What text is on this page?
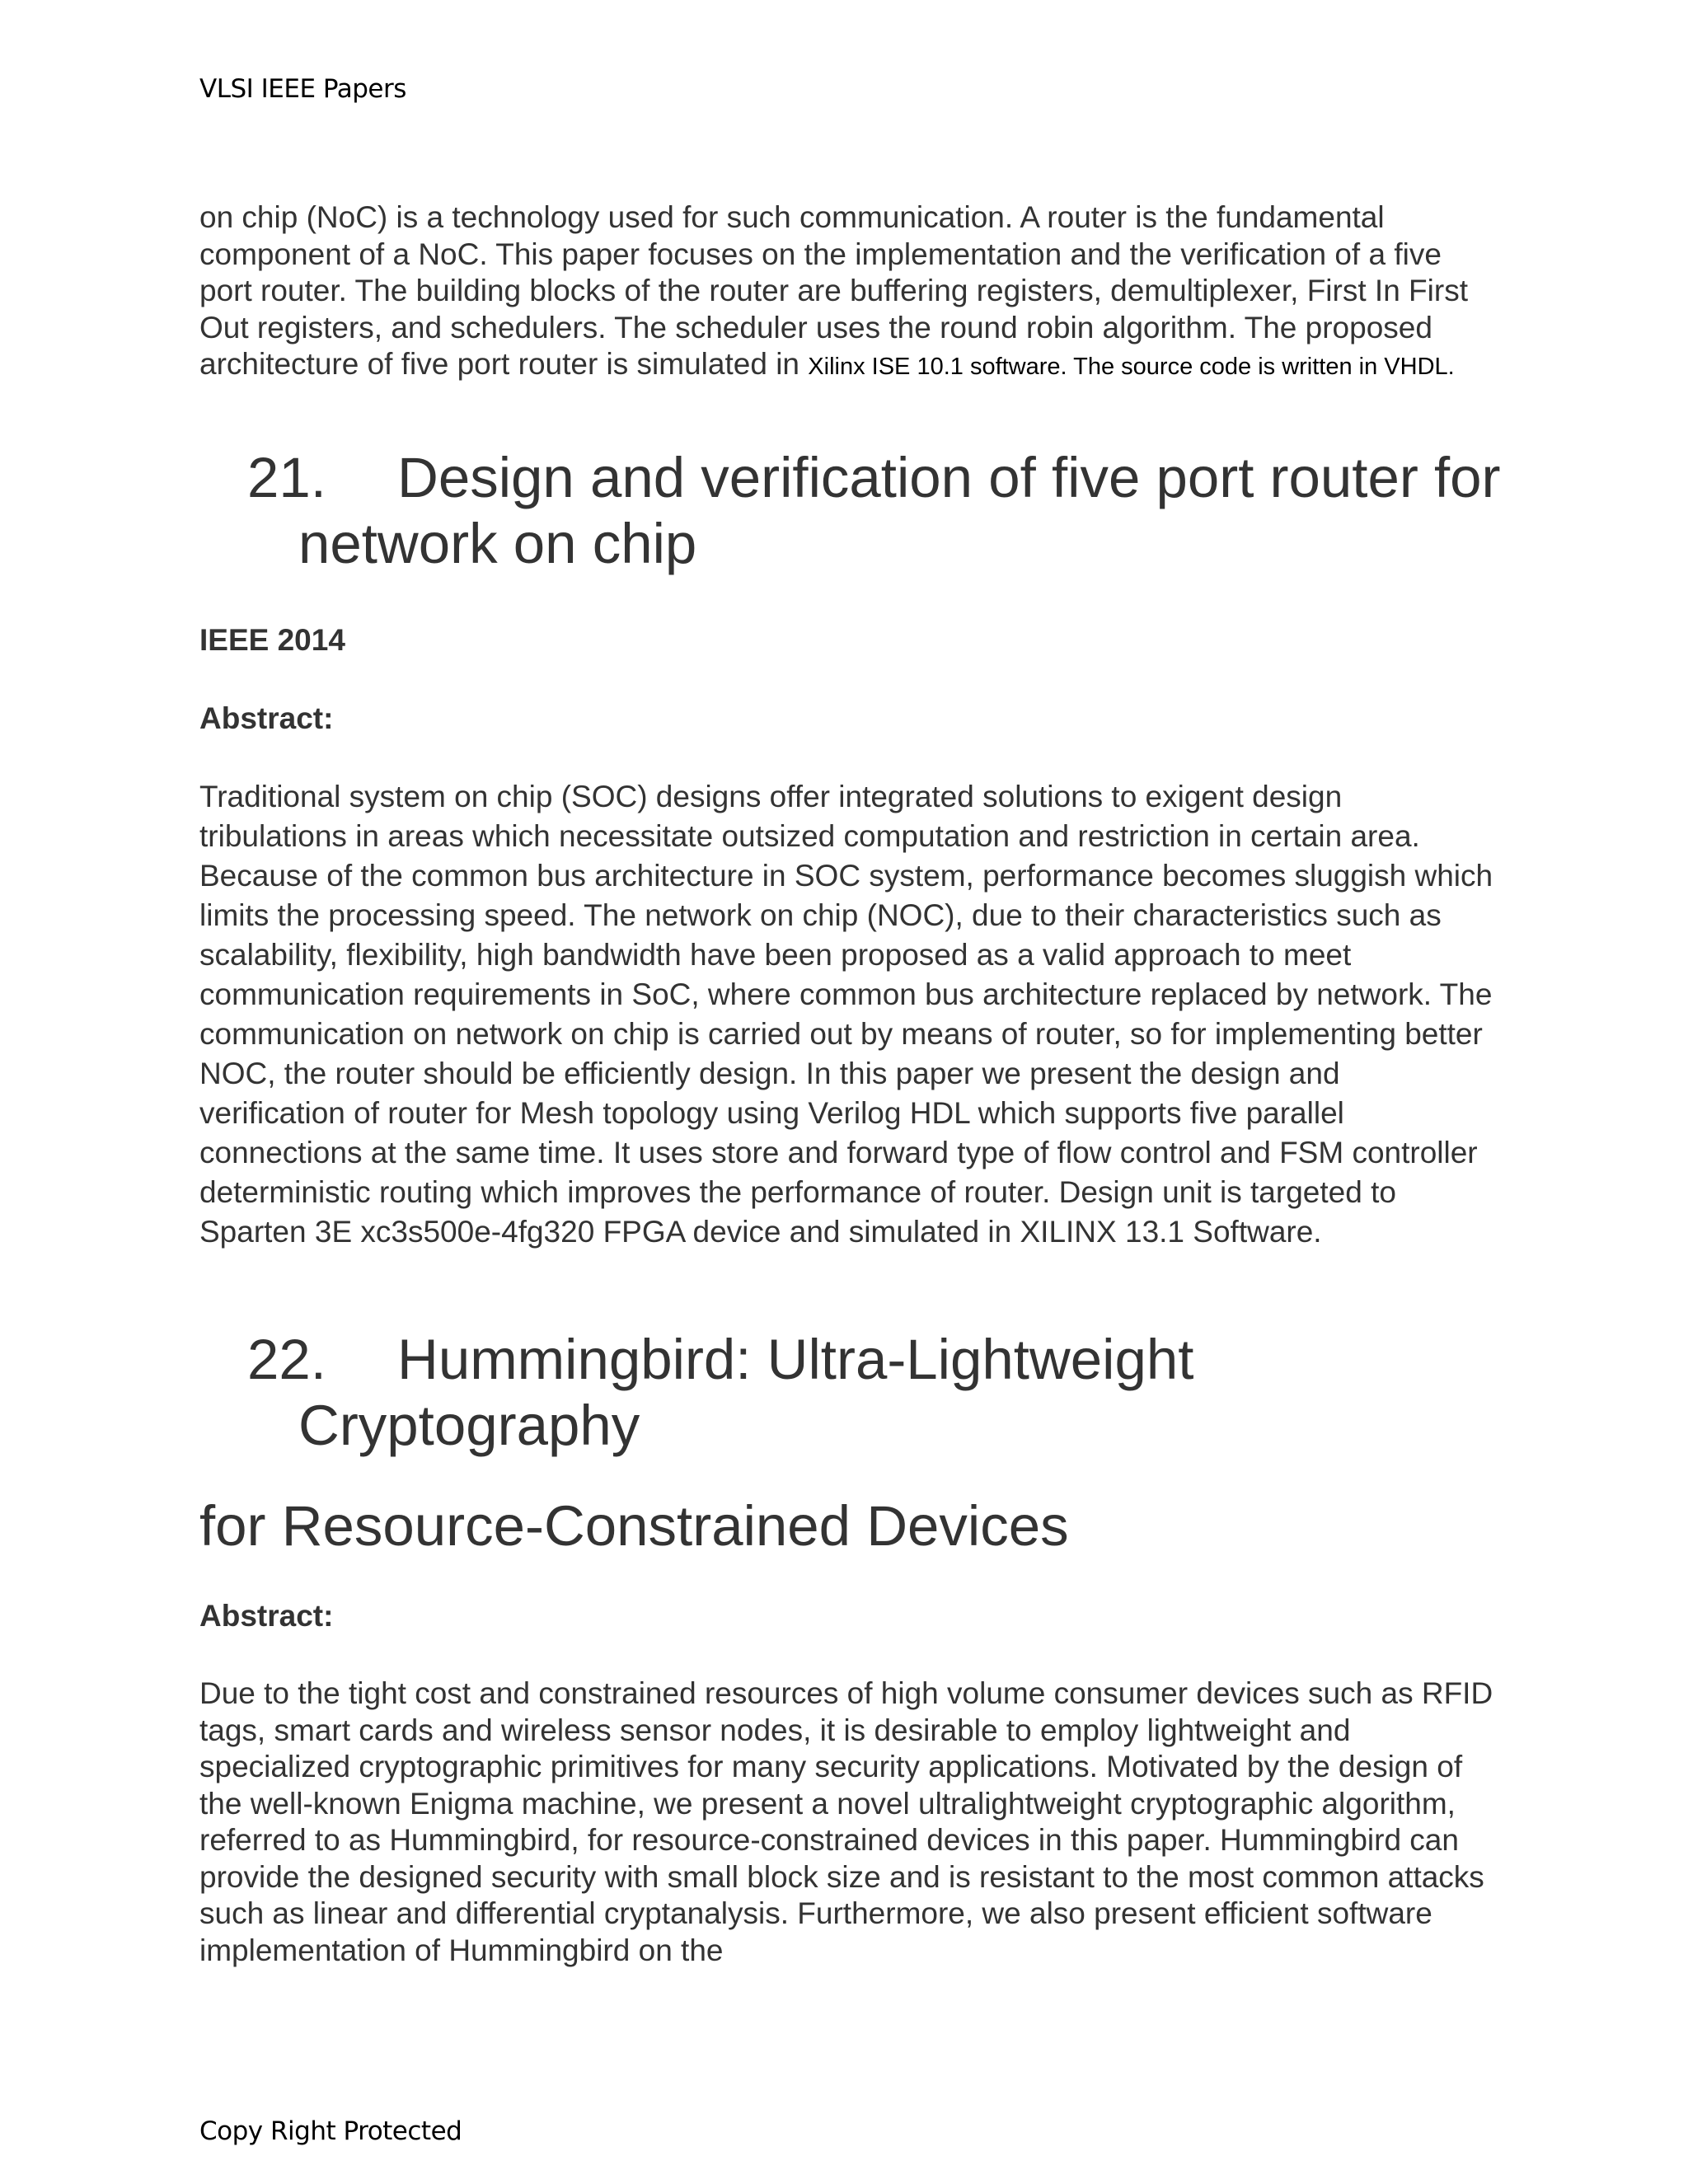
VLSI IEEE Papers

on chip (NoC) is a technology used for such communication. A router is the fundamental component of a NoC. This paper focuses on the implementation and the verification of a five port router. The building blocks of the router are buffering registers, demultiplexer, First In First Out registers, and schedulers. The scheduler uses the round robin algorithm. The proposed architecture of five port router is simulated in Xilinx ISE 10.1 software. The source code is written in VHDL.

21. Design and verification of five port router for
network on chip

IEEE 2014

Abstract:

Traditional system on chip (SOC) designs offer integrated solutions to exigent design tribulations in areas which necessitate outsized computation and restriction in certain area. Because of the common bus architecture in SOC system, performance becomes sluggish which limits the processing speed. The network on chip (NOC), due to their characteristics such as scalability, flexibility, high bandwidth have been proposed as a valid approach to meet communication requirements in SoC, where common bus architecture replaced by network. The communication on network on chip is carried out by means of router, so for implementing better NOC, the router should be efficiently design. In this paper we present the design and verification of router for Mesh topology using Verilog HDL which supports five parallel connections at the same time. It uses store and forward type of flow control and FSM controller deterministic routing which improves the performance of router. Design unit is targeted to Sparten 3E xc3s500e-4fg320 FPGA device and simulated in XILINX 13.1 Software.

22. Hummingbird: Ultra-Lightweight
Cryptography
for Resource-Constrained Devices

Abstract:

Due to the tight cost and constrained resources of high volume consumer devices such as RFID tags, smart cards and wireless sensor nodes, it is desirable to employ lightweight and specialized cryptographic primitives for many security applications. Motivated by the design of the well-known Enigma machine, we present a novel ultralightweight cryptographic algorithm, referred to as Hummingbird, for resource-constrained devices in this paper. Hummingbird can provide the designed security with small block size and is resistant to the most common attacks such as linear and differential cryptanalysis. Furthermore, we also present efficient software implementation of Hummingbird on the

Copy Right Protected
